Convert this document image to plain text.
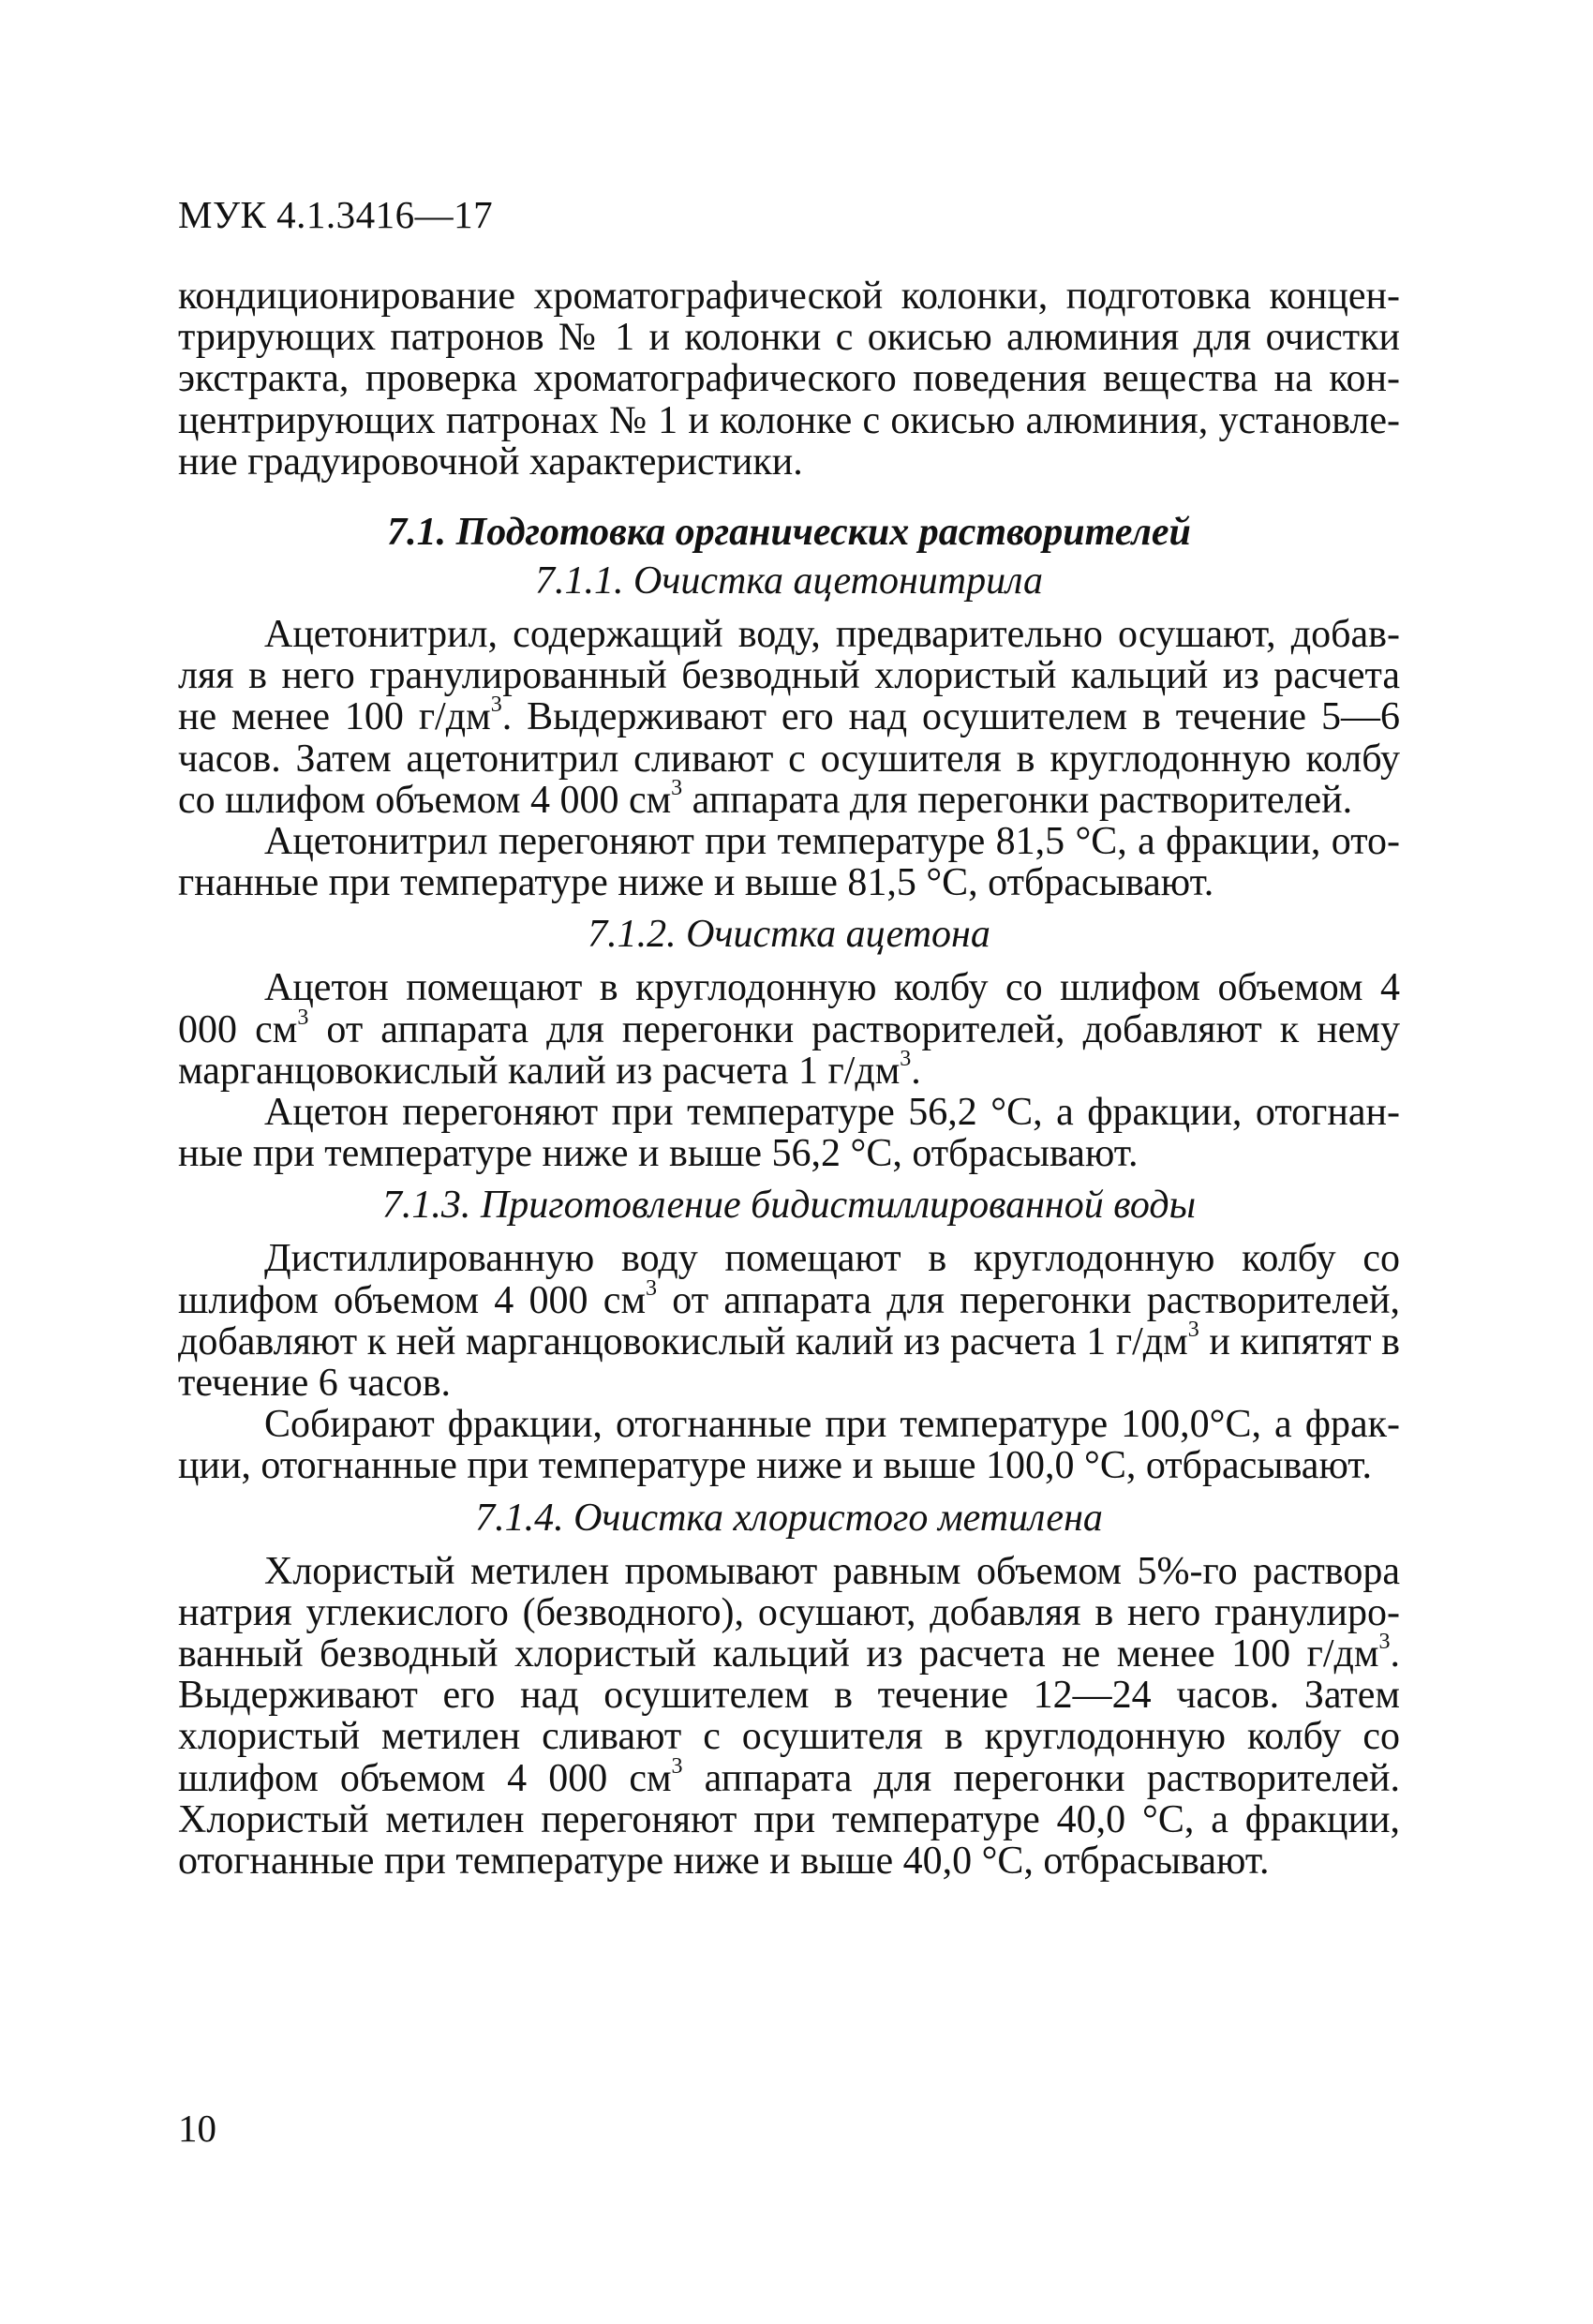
МУК 4.1.3416—17

кондиционирование хроматографической колонки, подготовка концентрирующих патронов № 1 и колонки с окисью алюминия для очистки экстракта, проверка хроматографического поведения вещества на концентрирующих патронах № 1 и колонке с окисью алюминия, установление градуировочной характеристики.

7.1. Подготовка органических растворителей
7.1.1. Очистка ацетонитрила

Ацетонитрил, содержащий воду, предварительно осушают, добавляя в него гранулированный безводный хлористый кальций из расчета не менее 100 $г/дм^3$. Выдерживают его над осушителем в течение 5—6 часов. Затем ацетонитрил сливают с осушителя в круглодонную колбу со шлифом объемом 4 000 $см^3$ аппарата для перегонки растворителей.

Ацетонитрил перегоняют при температуре 81,5 °С, а фракции, отогнанные при температуре ниже и выше 81,5 °С, отбрасывают.

7.1.2. Очистка ацетона

Ацетон помещают в круглодонную колбу со шлифом объемом 4 000 $см^3$ от аппарата для перегонки растворителей, добавляют к нему марганцовокислый калий из расчета 1 $г/дм^3$.

Ацетон перегоняют при температуре 56,2 °С, а фракции, отогнанные при температуре ниже и выше 56,2 °С, отбрасывают.

7.1.3. Приготовление бидистиллированной воды

Дистиллированную воду помещают в круглодонную колбу со шлифом объемом 4 000 $см^3$ от аппарата для перегонки растворителей, добавляют к ней марганцовокислый калий из расчета 1 $г/дм^3$ и кипятят в течение 6 часов.

Собирают фракции, отогнанные при температуре 100,0°С, а фракции, отогнанные при температуре ниже и выше 100,0 °С, отбрасывают.

7.1.4. Очистка хлористого метилена

Хлористый метилен промывают равным объемом 5%-го раствора натрия углекислого (безводного), осушают, добавляя в него гранулированный безводный хлористый кальций из расчета не менее 100 $г/дм^3$. Выдерживают его над осушителем в течение 12—24 часов. Затем хлористый метилен сливают с осушителя в круглодонную колбу со шлифом объемом 4 000 $см^3$ аппарата для перегонки растворителей. Хлористый метилен перегоняют при температуре 40,0 °С, а фракции, отогнанные при температуре ниже и выше 40,0 °С, отбрасывают.

10
